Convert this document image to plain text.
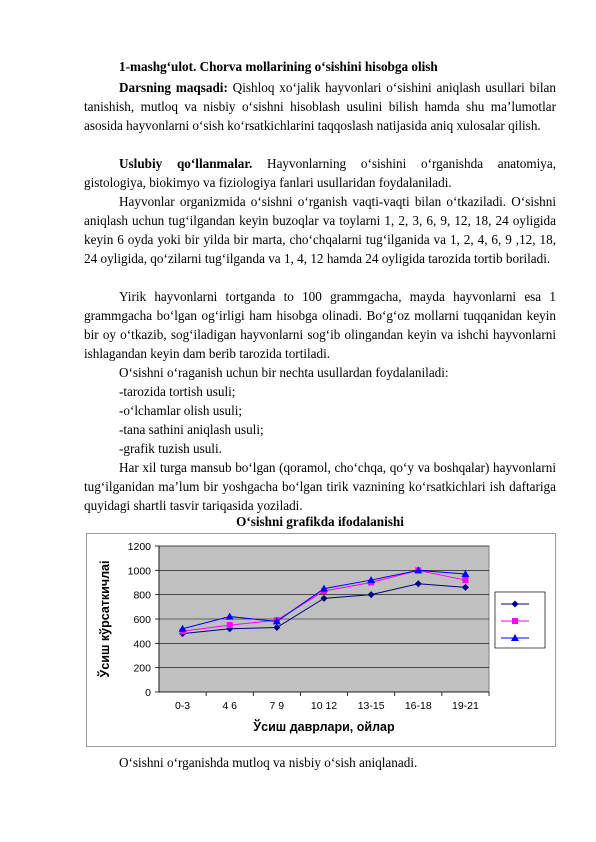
1-mashg‘ulot. Chorva mollarining o‘sishini hisobga olish
Darsning maqsadi: Qishloq xo‘jalik hayvonlari o‘sishini aniqlash usullari bilan tanishish, mutloq va nisbiy o‘sishni hisoblash usulini bilish hamda shu ma’lumotlar asosida hayvonlarni o‘sish ko‘rsatkichlarini taqqoslash natijasida aniq xulosalar qilish.
Uslubiy qo‘llanmalar. Hayvonlarning o‘sishini o‘rganishda anatomiya, gistologiya, biokimyo va fiziologiya fanlari usullaridan foydalaniladi.
Hayvonlar organizmida o‘sishni o‘rganish vaqti-vaqti bilan o‘tkaziladi. O‘sishni aniqlash uchun tug‘ilgandan keyin buzoqlar va toylarni 1, 2, 3, 6, 9, 12, 18, 24 oyligida keyin 6 oyda yoki bir yilda bir marta, cho‘chqalarni tug‘ilganida va 1, 2, 4, 6, 9 ,12, 18, 24 oyligida, qo‘zilarni tug‘ilganda va 1, 4, 12 hamda 24 oyligida tarozida tortib boriladi.
Yirik hayvonlarni tortganda to 100 grammgacha, mayda hayvonlarni esa 1 grammgacha bo‘lgan og‘irligi ham hisobga olinadi. Bo‘g‘oz mollarni tuqqanidan keyin bir oy o‘tkazib, sog‘iladigan hayvonlarni sog‘ib olingandan keyin va ishchi hayvonlarni ishlagandan keyin dam berib tarozida tortiladi.
O‘sishni o‘raganish uchun bir nechta usullardan foydalaniladi:
-tarozida tortish usuli;
-o‘lchamlar olish usuli;
-tana sathini aniqlash usuli;
-grafik tuzish usuli.
Har xil turga mansub bo‘lgan (qoramol, cho‘chqa, qo‘y va boshqalar) hayvonlarni tug‘ilganidan ma’lum bir yoshgacha bo‘lgan tirik vaznining ko‘rsatkichlari ish daftariga quyidagi shartli tasvir tariqasida yoziladi.
O‘sishni grafikda ifodalanishi
0
200
400
600
800
1000
1200
0-3	4 6	7 9	10 12 13-15 16-18 19-21
Ўсиш даврлари, ойлар
Ўсиш кўрсаткичлаі
O‘sishni o‘rganishda mutloq va nisbiy o‘sish aniqlanadi.
